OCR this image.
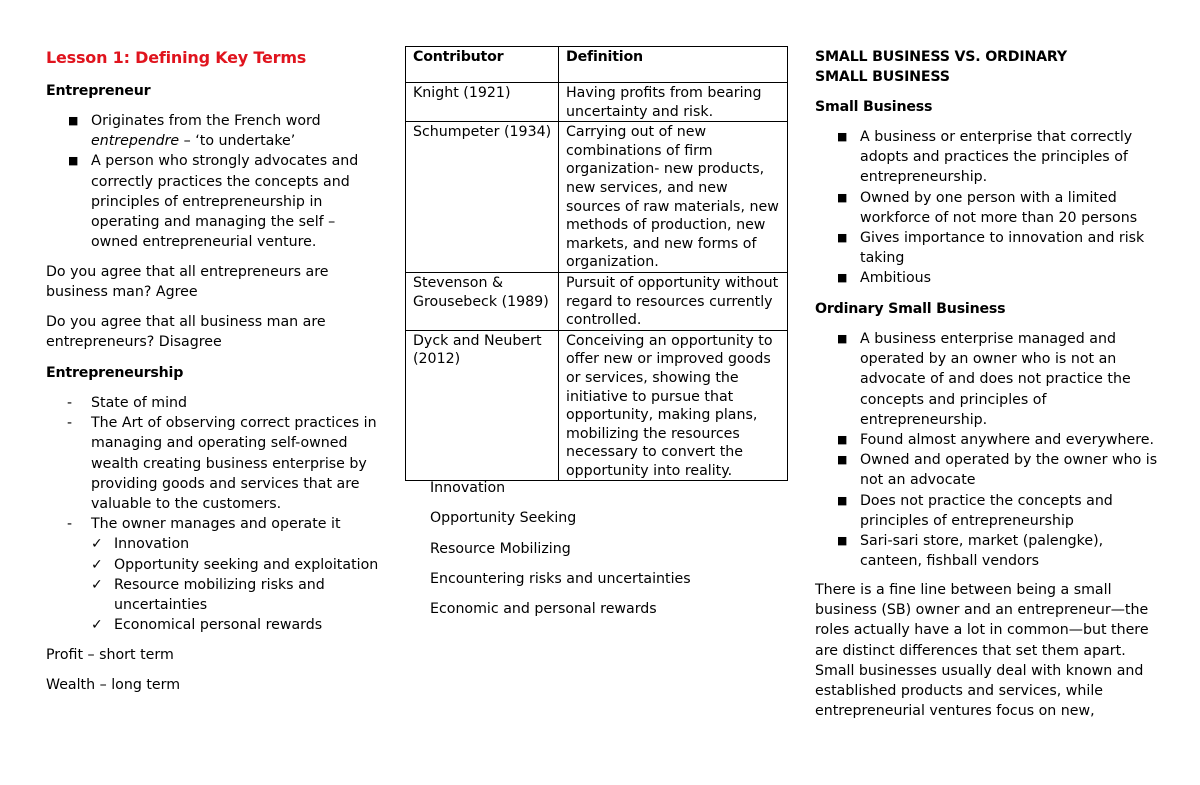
Lesson 1: Defining Key Terms
Entrepreneur
■ Originates from the French word entrependre – ‘to undertake’
■ A person who strongly advocates and correctly practices the concepts and principles of entrepreneurship in operating and managing the self – owned entrepreneurial venture.

Do you agree that all entrepreneurs are business man? Agree

Do you agree that all business man are entrepreneurs? Disagree

Entrepreneurship
- State of mind
- The Art of observing correct practices in managing and operating self-owned wealth creating business enterprise by providing goods and services that are valuable to the customers.
- The owner manages and operate it
✓ Innovation
✓ Opportunity seeking and exploitation
✓ Resource mobilizing risks and uncertainties
✓ Economical personal rewards

Profit – short term

Wealth – long term

Contributor	Definition
Knight (1921)	Having profits from bearing uncertainty and risk.
Schumpeter (1934)	Carrying out of new combinations of firm organization- new products, new services, and new sources of raw materials, new methods of production, new markets, and new forms of organization.
Stevenson & Grousebeck (1989)	Pursuit of opportunity without regard to resources currently controlled.
Dyck and Neubert (2012)	Conceiving an opportunity to offer new or improved goods or services, showing the initiative to pursue that opportunity, making plans, mobilizing the resources necessary to convert the opportunity into reality.

Innovation

Opportunity Seeking

Resource Mobilizing

Encountering risks and uncertainties

Economic and personal rewards

SMALL BUSINESS VS. ORDINARY SMALL BUSINESS
Small Business
■ A business or enterprise that correctly adopts and practices the principles of entrepreneurship.
■ Owned by one person with a limited workforce of not more than 20 persons
■ Gives importance to innovation and risk taking
■ Ambitious
Ordinary Small Business
■ A business enterprise managed and operated by an owner who is not an advocate of and does not practice the concepts and principles of entrepreneurship.
■ Found almost anywhere and everywhere.
■ Owned and operated by the owner who is not an advocate
■ Does not practice the concepts and principles of entrepreneurship
■ Sari-sari store, market (palengke), canteen, fishball vendors

There is a fine line between being a small business (SB) owner and an entrepreneur—the roles actually have a lot in common—but there are distinct differences that set them apart. Small businesses usually deal with known and established products and services, while entrepreneurial ventures focus on new,
